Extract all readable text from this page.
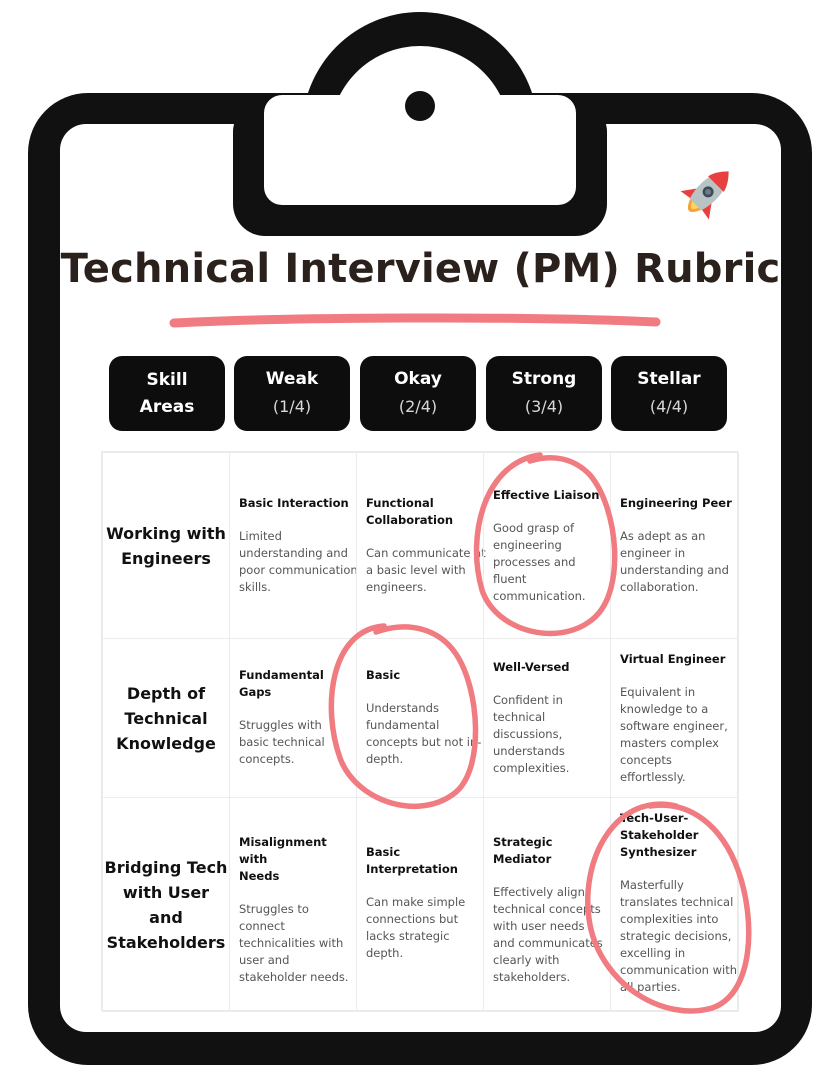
Technical Interview (PM) Rubric
Skill
Areas
Weak
(1/4)
Okay
(2/4)
Strong
(3/4)
Stellar
(4/4)
Working with
Engineers
Basic Interaction
Limited
understanding and
poor communication
skills.
Functional
Collaboration
Can communicate at
a basic level with
engineers.
Effective Liaison
Good grasp of
engineering
processes and
fluent
communication.
Engineering Peer
As adept as an
engineer in
understanding and
collaboration.
Depth of
Technical
Knowledge
Fundamental
Gaps
Struggles with
basic technical
concepts.
Basic
Understands
fundamental
concepts but not in-
depth.
Well-Versed
Confident in
technical
discussions,
understands
complexities.
Virtual Engineer
Equivalent in
knowledge to a
software engineer,
masters complex
concepts
effortlessly.
Bridging Tech
with User
and
Stakeholders
Misalignment with
Needs
Struggles to
connect
technicalities with
user and
stakeholder needs.
Basic
Interpretation
Can make simple
connections but
lacks strategic
depth.
Strategic Mediator
Effectively aligns
technical concepts
with user needs
and communicates
clearly with
stakeholders.
Tech-User-
Stakeholder
Synthesizer
Masterfully
translates technical
complexities into
strategic decisions,
excelling in
communication with
all parties.
